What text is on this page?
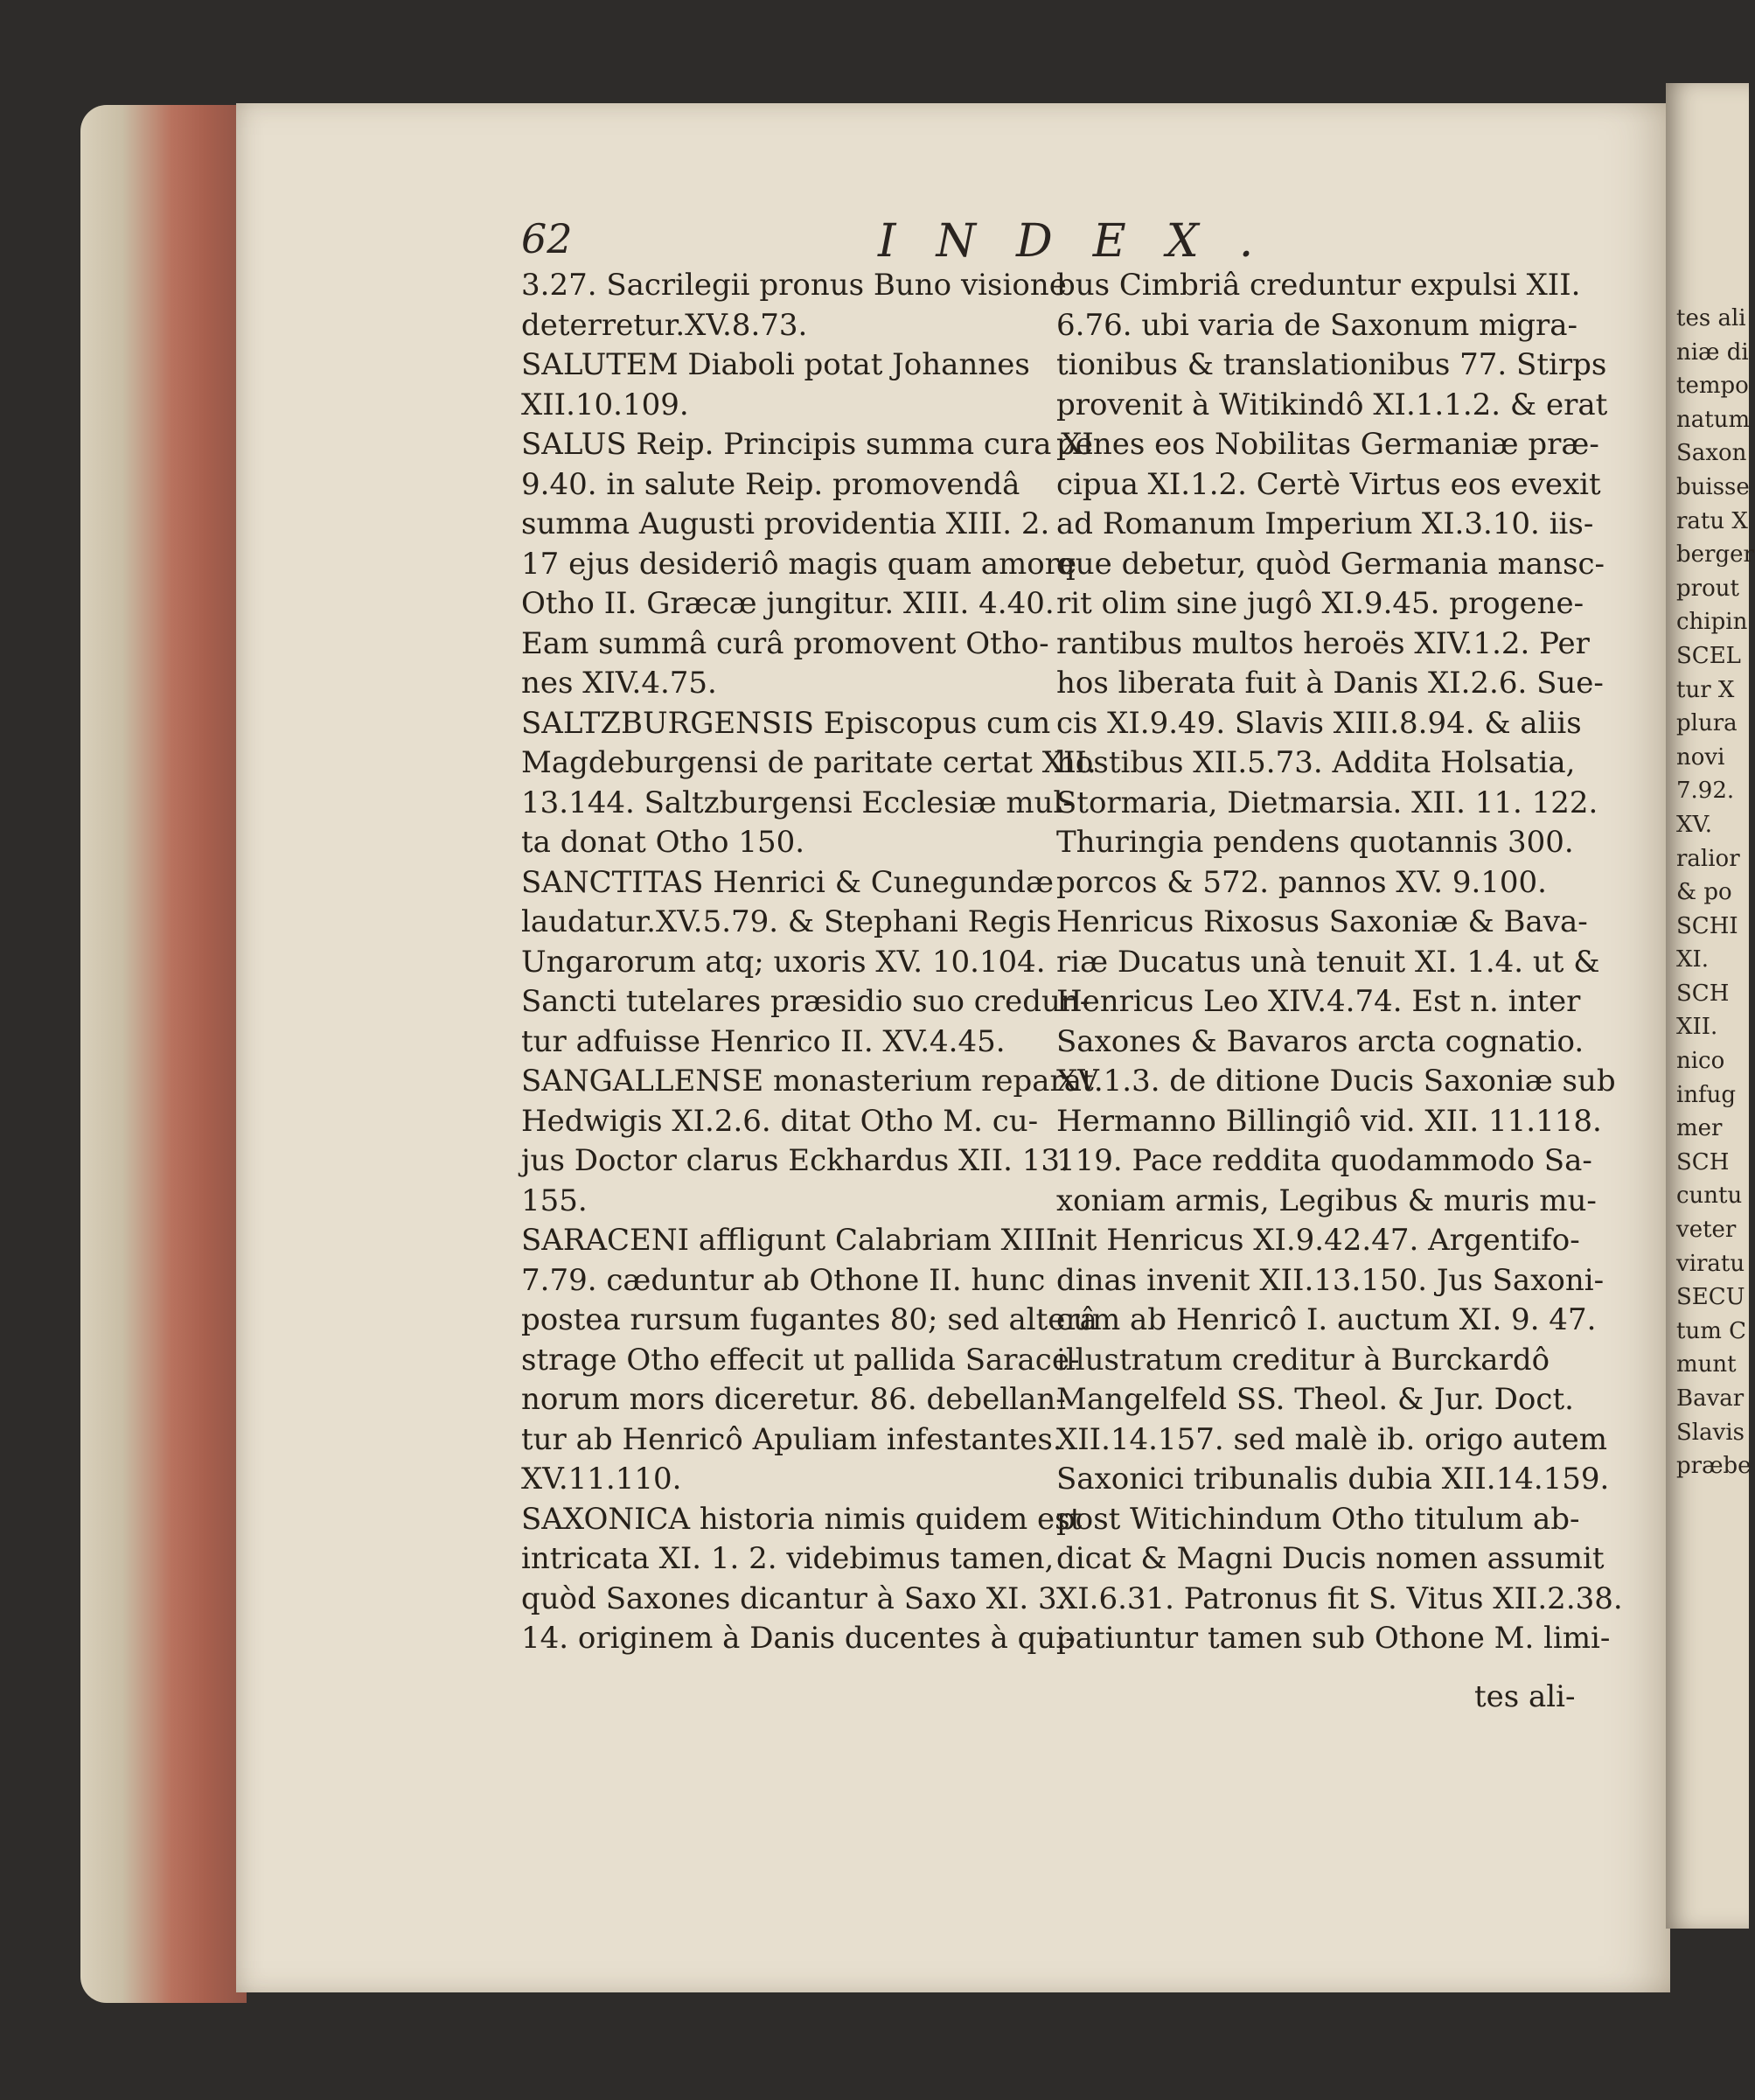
tes ali
niæ di
tempo
natum
Saxon
buisse
ratu X
berger
prout
chipin
SCEL
tur X
plura
novi
7.92.
XV.
ralior
& po
SCHI
XI.
SCH
XII.
nico
infug
mer
SCH
cuntu
veter
viratu
SECU
tum C
munt
Bavar
Slavis
præbe
62	INDEX.
3.27. Sacrilegii pronus Buno visione
deterretur.XV.8.73.
SALUTEM Diaboli potat Johannes
XII.10.109.
SALUS Reip. Principis summa cura XI
9.40. in salute Reip. promovendâ
summa Augusti providentia XIII. 2.
17 ejus desideriô magis quam amore
Otho II. Græcæ jungitur. XIII. 4.40.
Eam summâ curâ promovent Otho-
nes XIV.4.75.
SALTZBURGENSIS Episcopus cum
Magdeburgensi de paritate certat XII.
13.144. Saltzburgensi Ecclesiæ mul-
ta donat Otho 150.
SANCTITAS Henrici & Cunegundæ
laudatur.XV.5.79. & Stephani Regis
Ungarorum atq; uxoris XV. 10.104.
Sancti tutelares præsidio suo credun-
tur adfuisse Henrico II. XV.4.45.
SANGALLENSE monasterium reparat
Hedwigis XI.2.6. ditat Otho M. cu-
jus Doctor clarus Eckhardus XII. 13.
155.
SARACENI affligunt Calabriam XIII.
7.79. cæduntur ab Othone II. hunc
postea rursum fugantes 80; sed alterâ
strage Otho effecit ut pallida Sarace-
norum mors diceretur. 86. debellan-
tur ab Henricô Apuliam infestantes.
XV.11.110.
SAXONICA historia nimis quidem est
intricata XI. 1. 2. videbimus tamen,
quòd Saxones dicantur à Saxo XI. 3.
14. originem à Danis ducentes à qui-
bus Cimbriâ creduntur expulsi XII.
6.76. ubi varia de Saxonum migra-
tionibus & translationibus 77. Stirps
provenit à Witikindô XI.1.1.2. & erat
penes eos Nobilitas Germaniæ præ-
cipua XI.1.2. Certè Virtus eos evexit
ad Romanum Imperium XI.3.10. iis-
que debetur, quòd Germania mansc-
rit olim sine jugô XI.9.45. progene-
rantibus multos heroës XIV.1.2. Per
hos liberata fuit à Danis XI.2.6. Sue-
cis XI.9.49. Slavis XIII.8.94. & aliis
hostibus XII.5.73. Addita Holsatia,
Stormaria, Dietmarsia. XII. 11. 122.
Thuringia pendens quotannis 300.
porcos & 572. pannos XV. 9.100.
Henricus Rixosus Saxoniæ & Bava-
riæ Ducatus unà tenuit XI. 1.4. ut &
Henricus Leo XIV.4.74. Est n. inter
Saxones & Bavaros arcta cognatio.
XV.1.3. de ditione Ducis Saxoniæ sub
Hermanno Billingiô vid. XII. 11.118.
119. Pace reddita quodammodo Sa-
xoniam armis, Legibus & muris mu-
nit Henricus XI.9.42.47. Argentifo-
dinas invenit XII.13.150. Jus Saxoni-
cum ab Henricô I. auctum XI. 9. 47.
illustratum creditur à Burckardô
Mangelfeld SS. Theol. & Jur. Doct.
XII.14.157. sed malè ib. origo autem
Saxonici tribunalis dubia XII.14.159.
post Witichindum Otho titulum ab-
dicat & Magni Ducis nomen assumit
XI.6.31. Patronus fit S. Vitus XII.2.38.
patiuntur tamen sub Othone M. limi-
tes ali-
